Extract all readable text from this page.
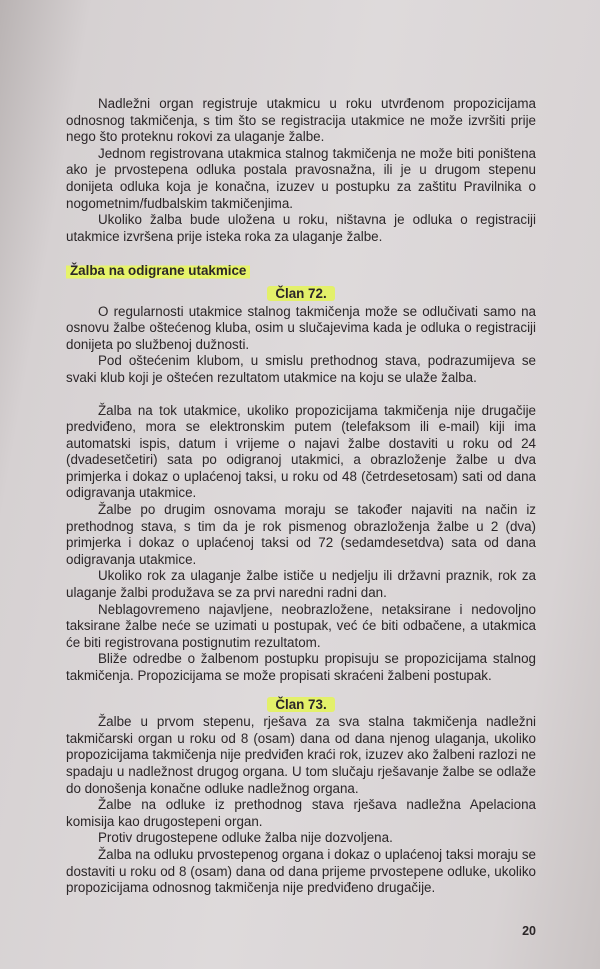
Nadležni organ registruje utakmicu u roku utvrđenom propozicijama odnosnog takmičenja, s tim što se registracija utakmice ne može izvršiti prije nego što proteknu rokovi za ulaganje žalbe.

Jednom registrovana utakmica stalnog takmičenja ne može biti poništena ako je prvostepena odluka postala pravosnažna, ili je u drugom stepenu donijeta odluka koja je konačna, izuzev u postupku za zaštitu Pravilnika o nogometnim/fudbalskim takmičenjima.

Ukoliko žalba bude uložena u roku, ništavna je odluka o registraciji utakmice izvršena prije isteka roka za ulaganje žalbe.

Žalba na odigrane utakmice
Član 72.

O regularnosti utakmice stalnog takmičenja može se odlučivati samo na osnovu žalbe oštećenog kluba, osim u slučajevima kada je odluka o registraciji donijeta po službenoj dužnosti.

Pod oštećenim klubom, u smislu prethodnog stava, podrazumijeva se svaki klub koji je oštećen rezultatom utakmice na koju se ulaže žalba.

Žalba na tok utakmice, ukoliko propozicijama takmičenja nije drugačije predviđeno, mora se elektronskim putem (telefaksom ili e-mail) kiji ima automatski ispis, datum i vrijeme o najavi žalbe dostaviti u roku od 24 (dvadesetčetiri) sata po odigranoj utakmici, a obrazloženje žalbe u dva primjerka i dokaz o uplaćenoj taksi, u roku od 48 (četrdesetosam) sati od dana odigravanja utakmice.

Žalbe po drugim osnovama moraju se također najaviti na način iz prethodnog stava, s tim da je rok pismenog obrazloženja žalbe u 2 (dva) primjerka i dokaz o uplaćenoj taksi od 72 (sedamdesetdva) sata od dana odigravanja utakmice.

Ukoliko rok za ulaganje žalbe ističe u nedjelju ili državni praznik, rok za ulaganje žalbi produžava se za prvi naredni radni dan.

Neblagovremeno najavljene, neobrazložene, netaksirane i nedovoljno taksirane žalbe neće se uzimati u postupak, već će biti odbačene, a utakmica će biti registrovana postignutim rezultatom.

Bliže odredbe o žalbenom postupku propisuju se propozicijama stalnog takmičenja. Propozicijama se može propisati skraćeni žalbeni postupak.

Član 73.

Žalbe u prvom stepenu, rješava za sva stalna takmičenja nadležni takmičarski organ u roku od 8 (osam) dana od dana njenog ulaganja, ukoliko propozicijama takmičenja nije predviđen kraći rok, izuzev ako žalbeni razlozi ne spadaju u nadležnost drugog organa. U tom slučaju rješavanje žalbe se odlaže do donošenja konačne odluke nadležnog organa.

Žalbe na odluke iz prethodnog stava rješava nadležna Apelaciona komisija kao drugostepeni organ.

Protiv drugostepene odluke žalba nije dozvoljena.

Žalba na odluku prvostepenog organa i dokaz o uplaćenoj taksi moraju se dostaviti u roku od 8 (osam) dana od dana prijeme prvostepene odluke, ukoliko propozicijama odnosnog takmičenja nije predviđeno drugačije.

20
